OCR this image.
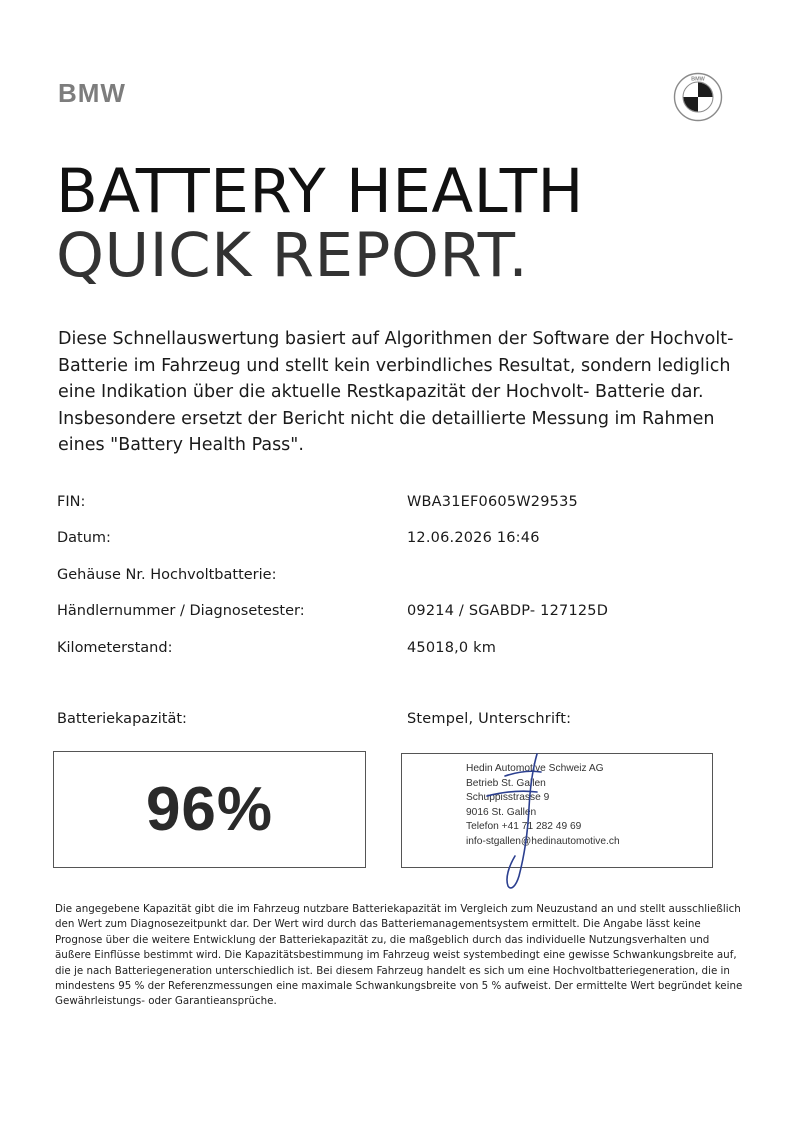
BMW	BMW
BATTERY HEALTH
QUICK REPORT.

Diese Schnellauswertung basiert auf Algorithmen der Software der Hochvolt- Batterie im Fahrzeug und stellt kein verbindliches Resultat, sondern lediglich eine Indikation über die aktuelle Restkapazität der Hochvolt- Batterie dar. Insbesondere ersetzt der Bericht nicht die detaillierte Messung im Rahmen eines "Battery Health Pass".

FIN:	WBA31EF0605W29535
Datum:	12.06.2026 16:46
Gehäuse Nr. Hochvoltbatterie:
Händlernummer / Diagnosetester:	09214 / SGABDP- 127125D
Kilometerstand:	45018,0 km
Batteriekapazität:	Stempel, Unterschrift:
96%
Hedin Automotive Schweiz AG
Betrieb St. Gallen
Schuppisstrasse 9
9016 St. Gallen
Telefon +41 71 282 49 69
info-stgallen@hedinautomotive.ch

Die angegebene Kapazität gibt die im Fahrzeug nutzbare Batteriekapazität im Vergleich zum Neuzustand an und stellt ausschließlich den Wert zum Diagnosezeitpunkt dar. Der Wert wird durch das Batteriemanagementsystem ermittelt. Die Angabe lässt keine Prognose über die weitere Entwicklung der Batteriekapazität zu, die maßgeblich durch das individuelle Nutzungsverhalten und äußere Einflüsse bestimmt wird. Die Kapazitätsbestimmung im Fahrzeug weist systembedingt eine gewisse Schwankungsbreite auf, die je nach Batteriegeneration unterschiedlich ist. Bei diesem Fahrzeug handelt es sich um eine Hochvoltbatteriegeneration, die in mindestens 95 % der Referenzmessungen eine maximale Schwankungsbreite von 5 % aufweist. Der ermittelte Wert begründet keine Gewährleistungs- oder Garantieansprüche.
